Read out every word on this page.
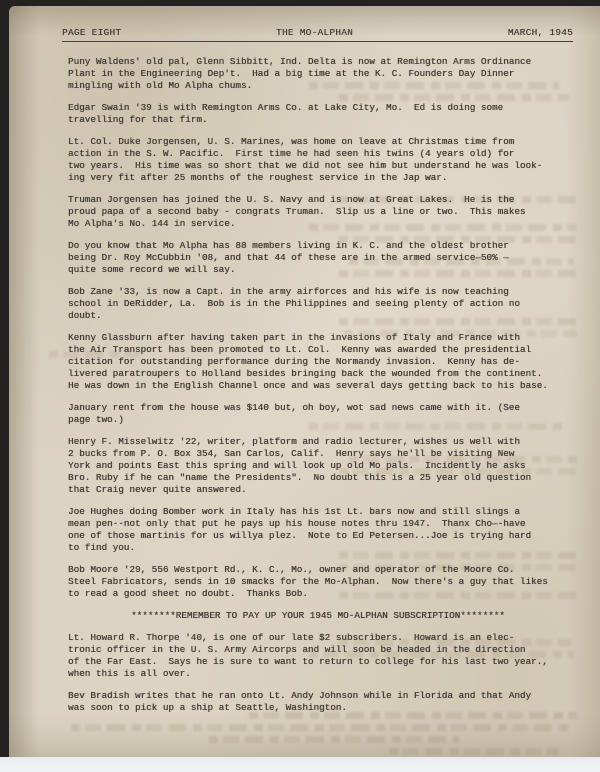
PAGE EIGHT	THE MO-ALPHAN	MARCH, 1945
Puny Waldens' old pal, Glenn Sibbitt, Ind. Delta is now at Remington Arms Ordinance
Plant in the Engineering Dep't.  Had a big time at the K. C. Founders Day Dinner
mingling with old Mo Alpha chums.
Edgar Swain '39 is with Remington Arms Co. at Lake City, Mo.  Ed is doing some
travelling for that firm.
Lt. Col. Duke Jorgensen, U. S. Marines, was home on leave at Christmas time from
action in the S. W. Pacific.  First time he had seen his twins (4 years old) for
two years.  His time was so short that we did not see him but understand he was look-
ing very fit after 25 months of the roughest service in the Jap war.
Truman Jorgensen has joined the U. S. Navy and is now at Great Lakes.  He is the
proud papa of a second baby - congrats Truman.  Slip us a line or two.  This makes
Mo Alpha's No. 144 in service.
Do you know that Mo Alpha has 88 members living in K. C. and the oldest brother
being Dr. Roy McCubbin '08, and that 44 of these are in the armed service—50% —
quite some record we will say.
Bob Zane '33, is now a Capt. in the army airforces and his wife is now teaching
school in DeRidder, La.  Bob is in the Philippines and seeing plenty of action no
doubt.
Kenny Glassburn after having taken part in the invasions of Italy and France with
the Air Transport has been promoted to Lt. Col.  Kenny was awarded the presidential
citation for outstanding performance during the Normandy invasion.  Kenny has de-
livered paratroupers to Holland besides bringing back the wounded from the continent.
He was down in the English Channel once and was several days getting back to his base.
January rent from the house was $140 but, oh boy, wot sad news came with it. (See
page two.)
Henry F. Misselwitz '22, writer, platform and radio lecturer, wishes us well with
2 bucks from P. O. Box 354, San Carlos, Calif.  Henry says he'll be visiting New
York and points East this spring and will look up old Mo pals.  Incidently he asks
Bro. Ruby if he can "name the Presidents".  No doubt this is a 25 year old question
that Craig never quite answered.
Joe Hughes doing Bomber work in Italy has his 1st Lt. bars now and still slings a
mean pen--not only that put he pays up his house notes thru 1947.  Thanx Cho—-have
one of those martinis for us willya plez.  Note to Ed Petersen...Joe is trying hard
to find you.
Bob Moore '29, 556 Westport Rd., K. C., Mo., owner and operator of the Moore Co.
Steel Fabricators, sends in 10 smacks for the Mo-Alphan.  Now there's a guy that likes
to read a good sheet no doubt.  Thanks Bob.
********REMEMBER TO PAY UP YOUR 1945 MO-ALPHAN SUBSCRIPTION********
Lt. Howard R. Thorpe '40, is one of our late $2 subscribers.  Howard is an elec-
tronic officer in the U. S. Army Aircorps and will soon be headed in the direction
of the Far East.  Says he is sure to want to return to college for his last two year.,
when this is all over.
Bev Bradish writes that he ran onto Lt. Andy Johnson while in Florida and that Andy
was soon to pick up a ship at Seattle, Washington.
